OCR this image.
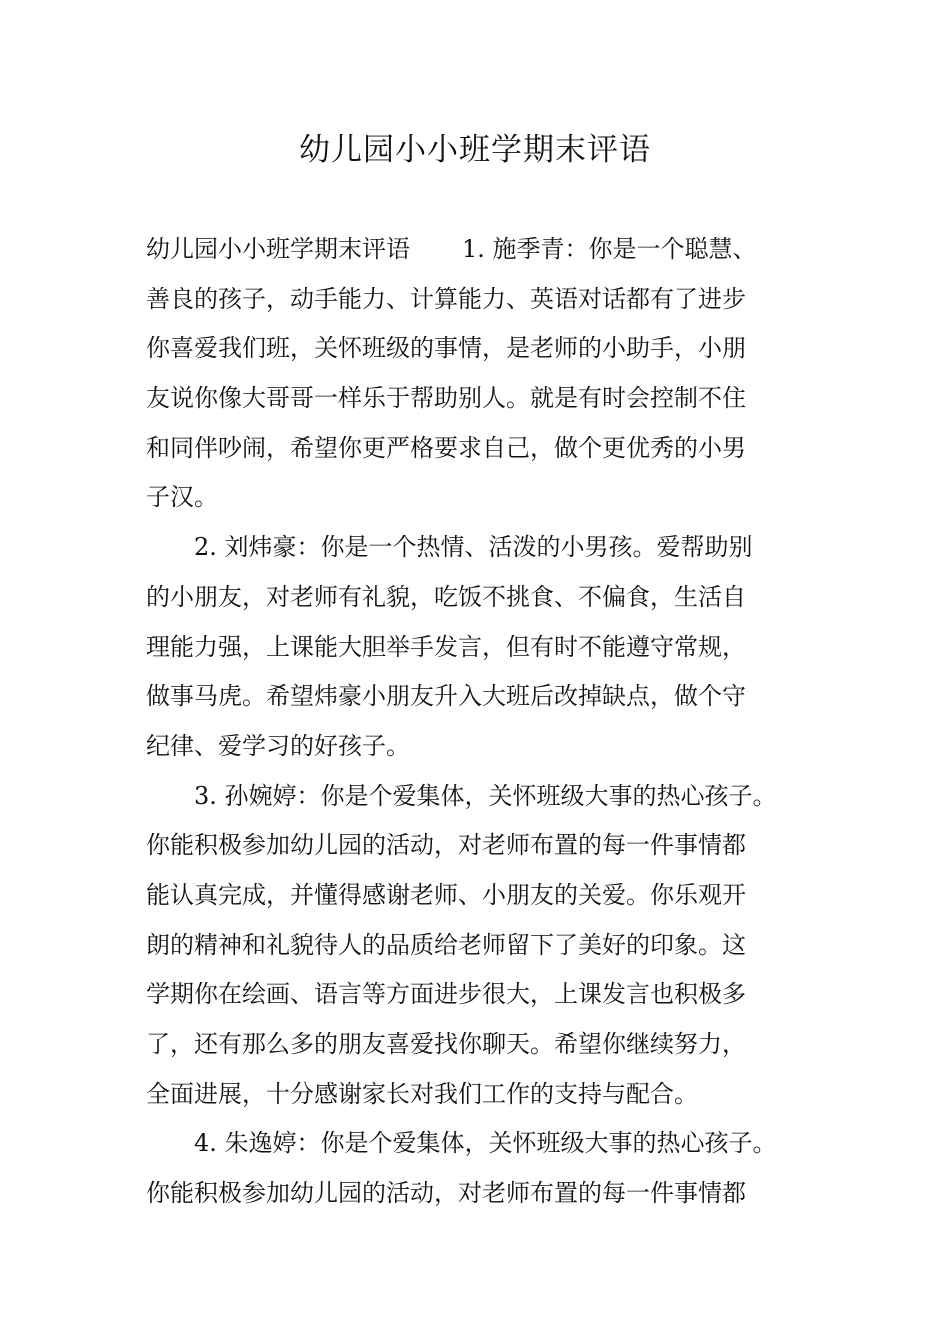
幼儿园小小班学期末评语
幼儿园小小班学期末评语 1. 施季青：你是一个聪慧、
善良的孩子，动手能力、计算能力、英语对话都有了进步
你喜爱我们班，关怀班级的事情，是老师的小助手，小朋
友说你像大哥哥一样乐于帮助别人。就是有时会控制不住
和同伴吵闹，希望你更严格要求自己，做个更优秀的小男
子汉。
2. 刘炜豪：你是一个热情、活泼的小男孩。爱帮助别
的小朋友，对老师有礼貌，吃饭不挑食、不偏食，生活自
理能力强，上课能大胆举手发言，但有时不能遵守常规，
做事马虎。希望炜豪小朋友升入大班后改掉缺点，做个守
纪律、爱学习的好孩子。
3. 孙婉婷：你是个爱集体，关怀班级大事的热心孩子。
你能积极参加幼儿园的活动，对老师布置的每一件事情都
能认真完成，并懂得感谢老师、小朋友的关爱。你乐观开
朗的精神和礼貌待人的品质给老师留下了美好的印象。这
学期你在绘画、语言等方面进步很大，上课发言也积极多
了，还有那么多的朋友喜爱找你聊天。希望你继续努力，
全面进展，十分感谢家长对我们工作的支持与配合。
4. 朱逸婷：你是个爱集体，关怀班级大事的热心孩子。
你能积极参加幼儿园的活动，对老师布置的每一件事情都
